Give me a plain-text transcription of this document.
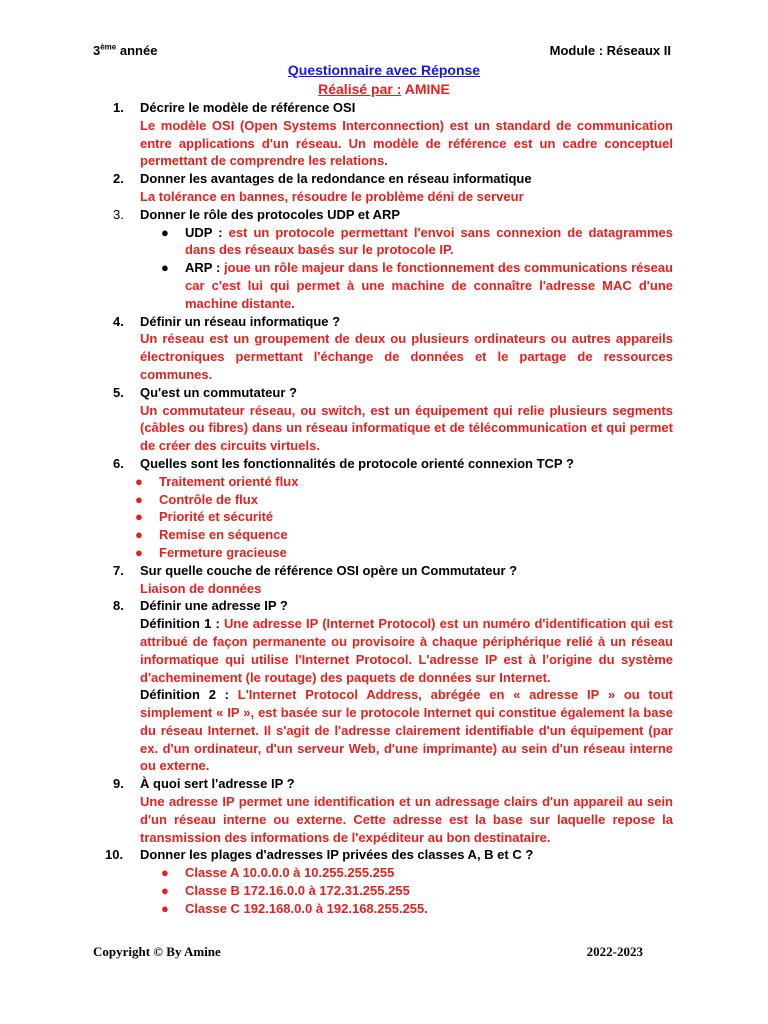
3ème année	Module : Réseaux II
Questionnaire avec Réponse
Réalisé par : AMINE
1.	Décrire le modèle de référence OSI
Le modèle OSI (Open Systems Interconnection) est un standard de communication entre applications d'un réseau. Un modèle de référence est un cadre conceptuel permettant de comprendre les relations.
2.	Donner les avantages de la redondance en réseau informatique
La tolérance en bannes, résoudre le problème déni de serveur
3.	Donner le rôle des protocoles UDP et ARP
● UDP : est un protocole permettant l'envoi sans connexion de datagrammes dans des réseaux basés sur le protocole IP.
● ARP : joue un rôle majeur dans le fonctionnement des communications réseau car c'est lui qui permet à une machine de connaître l'adresse MAC d'une machine distante.
4.	Définir un réseau informatique ?
Un réseau est un groupement de deux ou plusieurs ordinateurs ou autres appareils électroniques permettant l'échange de données et le partage de ressources communes.
5.	Qu'est un commutateur ?
Un commutateur réseau, ou switch, est un équipement qui relie plusieurs segments (câbles ou fibres) dans un réseau informatique et de télécommunication et qui permet de créer des circuits virtuels.
6.	Quelles sont les fonctionnalités de protocole orienté connexion TCP ?
● Traitement orienté flux
● Contrôle de flux
● Priorité et sécurité
● Remise en séquence
● Fermeture gracieuse
7.	Sur quelle couche de référence OSI opère un Commutateur ?
Liaison de données
8.	Définir une adresse IP ?
Définition 1 : Une adresse IP (Internet Protocol) est un numéro d'identification qui est attribué de façon permanente ou provisoire à chaque périphérique relié à un réseau informatique qui utilise l'Internet Protocol. L'adresse IP est à l'origine du système d'acheminement (le routage) des paquets de données sur Internet.
Définition 2 : L'Internet Protocol Address, abrégée en « adresse IP » ou tout simplement « IP », est basée sur le protocole Internet qui constitue également la base du réseau Internet. Il s'agit de l'adresse clairement identifiable d'un équipement (par ex. d'un ordinateur, d'un serveur Web, d'une imprimante) au sein d'un réseau interne ou externe.
9.	À quoi sert l'adresse IP ?
Une adresse IP permet une identification et un adressage clairs d'un appareil au sein d'un réseau interne ou externe. Cette adresse est la base sur laquelle repose la transmission des informations de l'expéditeur au bon destinataire.
10.	Donner les plages d'adresses IP privées des classes A, B et C ?
● Classe A 10.0.0.0 à 10.255.255.255
● Classe B 172.16.0.0 à 172.31.255.255
● Classe C 192.168.0.0 à 192.168.255.255.
Copyright © By Amine	2022-2023
